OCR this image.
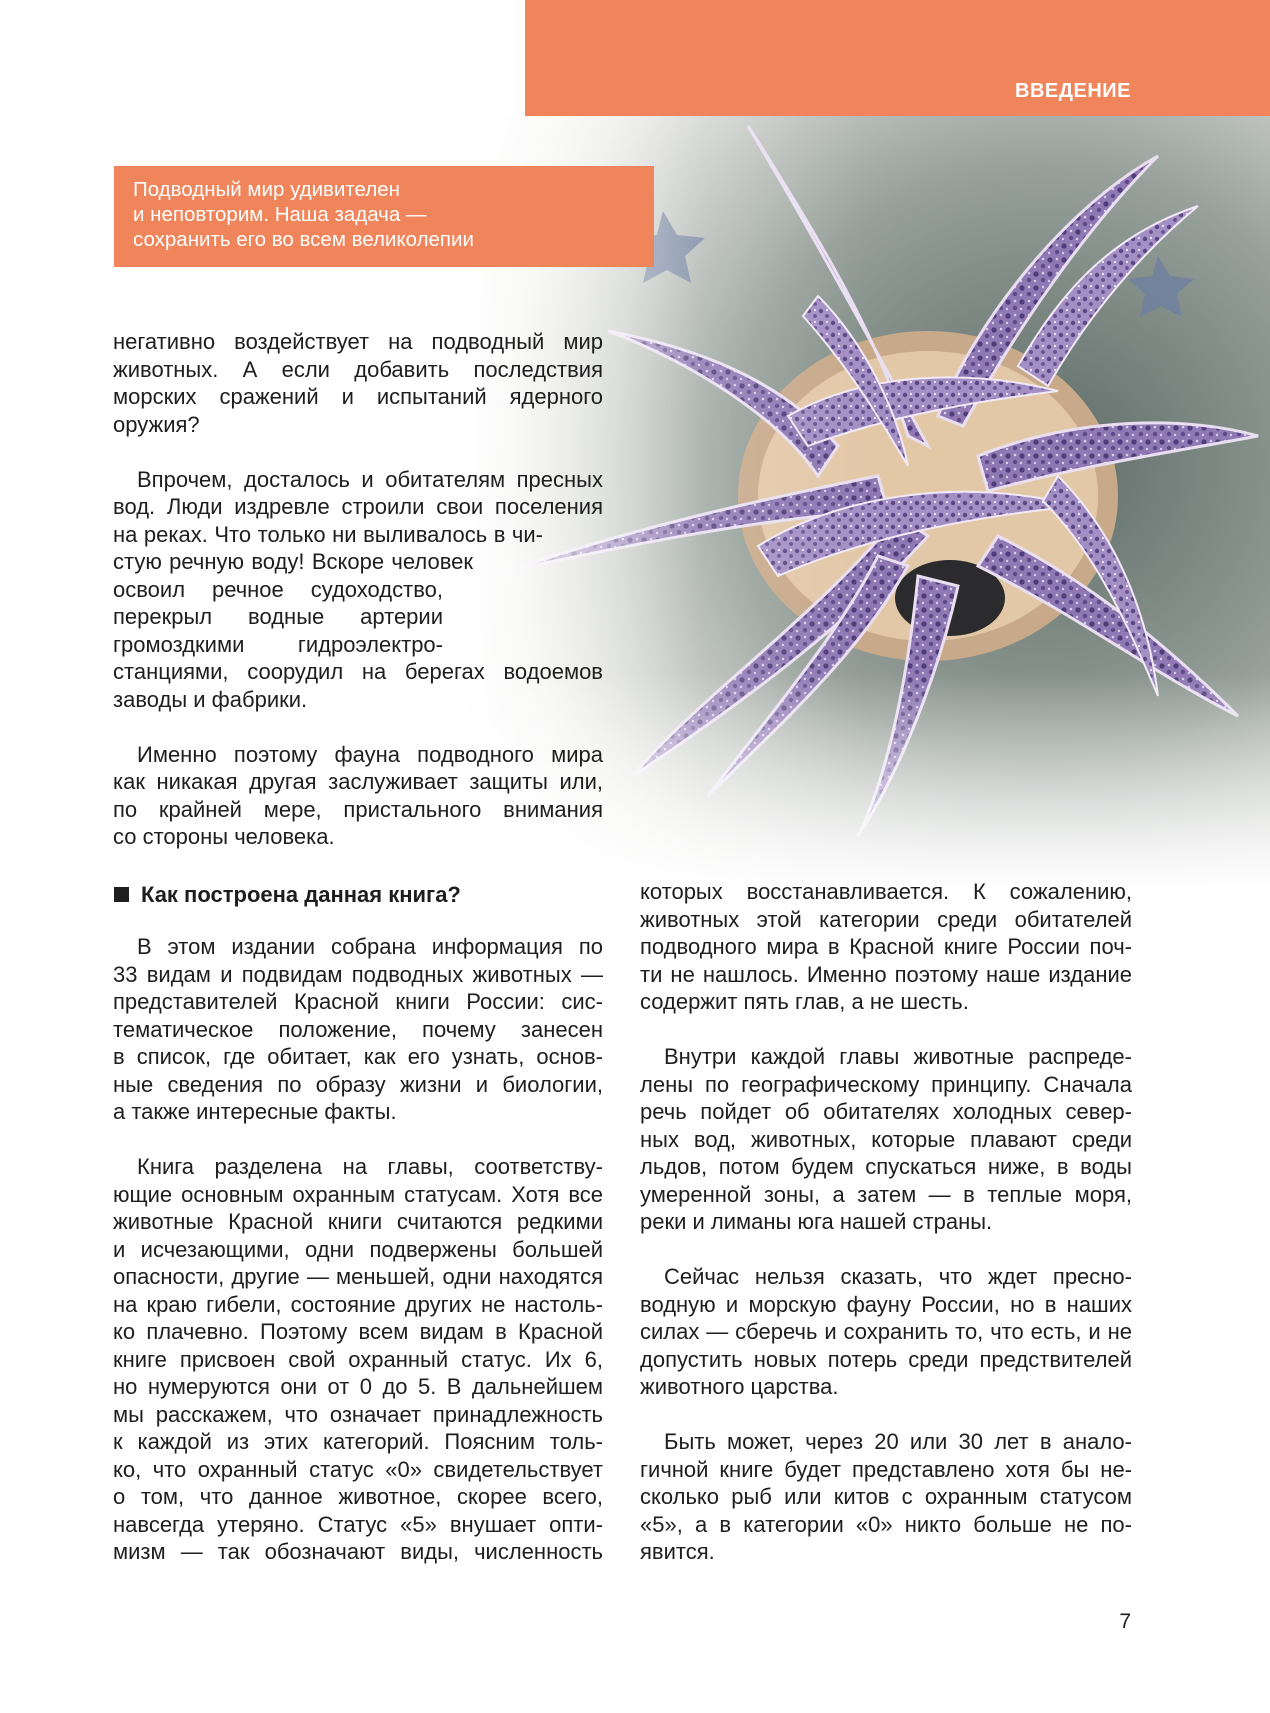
ВВЕДЕНИЕ
Подводный мир удивителен
и неповторим. Наша задача —
сохранить его во всем великолепии

негативно воздействует на подводный мир
животных. А если добавить последствия
морских сражений и испытаний ядерного
оружия?

Впрочем, досталось и обитателям пресных
вод. Люди издревле строили свои поселения
на реках. Что только ни выливалось в чи-
стую речную воду! Вскоре человек
освоил речное судоходство,
перекрыл водные артерии
громоздкими гидроэлектро-
станциями, соорудил на берегах водоемов
заводы и фабрики.

Именно поэтому фауна подводного мира
как никакая другая заслуживает защиты или,
по крайней мере, пристального внимания
со стороны человека.

Как построена данная книга?

В этом издании собрана информация по
33 видам и подвидам подводных животных —
представителей Красной книги России: сис-
тематическое положение, почему занесен
в список, где обитает, как его узнать, основ-
ные сведения по образу жизни и биологии,
а также интересные факты.

Книга разделена на главы, соответству-
ющие основным охранным статусам. Хотя все
животные Красной книги считаются редкими
и исчезающими, одни подвержены большей
опасности, другие — меньшей, одни находятся
на краю гибели, состояние других не настоль-
ко плачевно. Поэтому всем видам в Красной
книге присвоен свой охранный статус. Их 6,
но нумеруются они от 0 до 5. В дальнейшем
мы расскажем, что означает принадлежность
к каждой из этих категорий. Поясним толь-
ко, что охранный статус «0» свидетельствует
о том, что данное животное, скорее всего,
навсегда утеряно. Статус «5» внушает опти-
мизм — так обозначают виды, численность

которых восстанавливается. К сожалению,
животных этой категории среди обитателей
подводного мира в Красной книге России поч-
ти не нашлось. Именно поэтому наше издание
содержит пять глав, а не шесть.

Внутри каждой главы животные распреде-
лены по географическому принципу. Сначала
речь пойдет об обитателях холодных север-
ных вод, животных, которые плавают среди
льдов, потом будем спускаться ниже, в воды
умеренной зоны, а затем — в теплые моря,
реки и лиманы юга нашей страны.

Сейчас нельзя сказать, что ждет пресно-
водную и морскую фауну России, но в наших
силах — сберечь и сохранить то, что есть, и не
допустить новых потерь среди предствителей
животного царства.

Быть может, через 20 или 30 лет в анало-
гичной книге будет представлено хотя бы не-
сколько рыб или китов с охранным статусом
«5», а в категории «0» никто больше не по-
явится.

7
